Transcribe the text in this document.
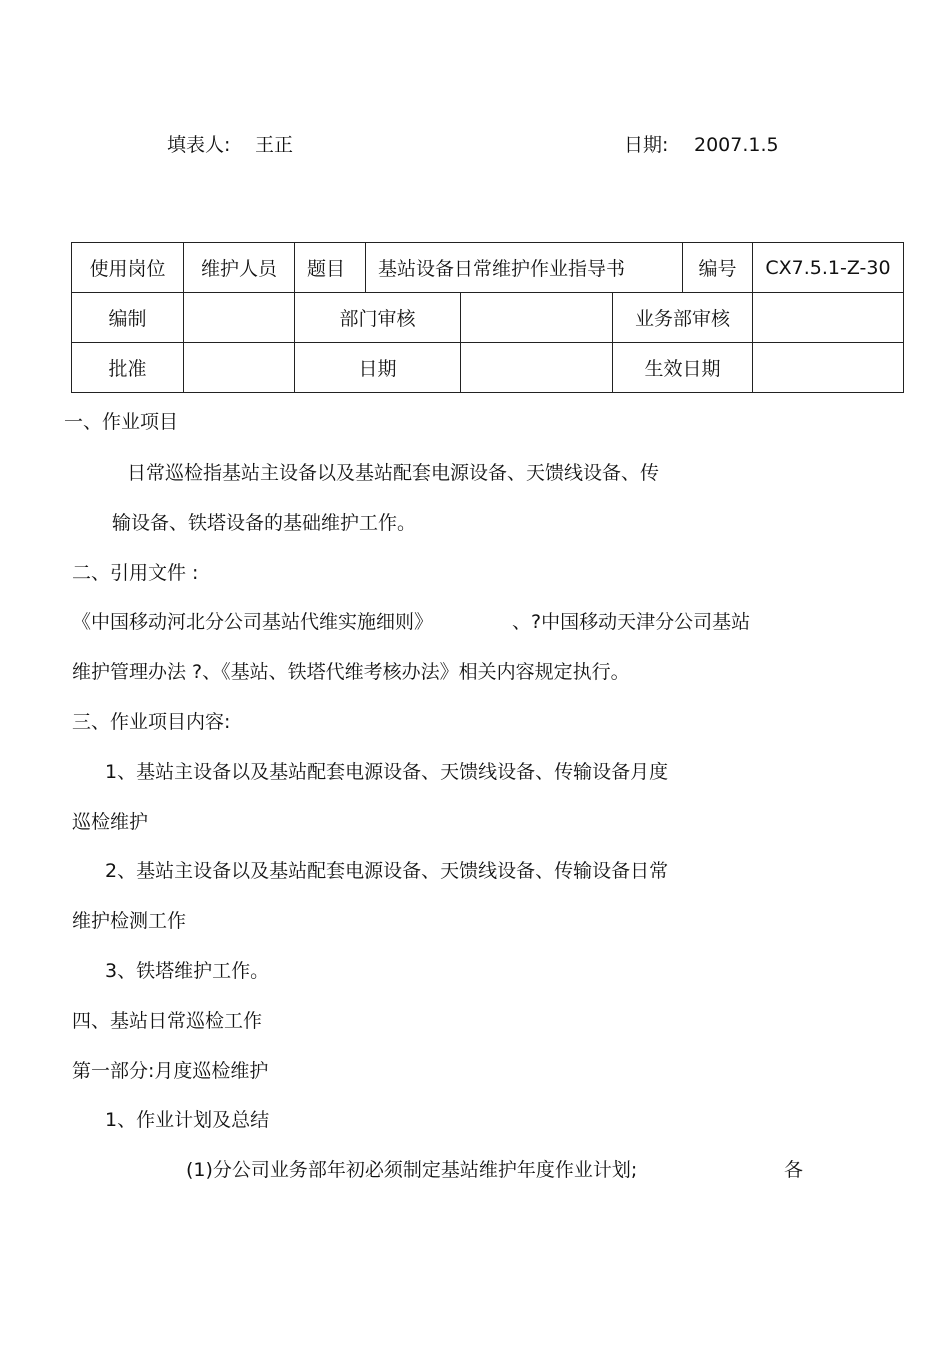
填表人: 王正	日期: 2007.1.5
使用岗位	维护人员	题目	基站设备日常维护作业指导书			编号	CX7.5.1-Z-30
编制		部门审核			业务部审核		
批准		日期			生效日期		
一、作业项目
日常巡检指基站主设备以及基站配套电源设备、天馈线设备、传
输设备、铁塔设备的基础维护工作。
二、引用文件 :
《中国移动河北分公司基站代维实施细则》	、?中国移动天津分公司基站
维护管理办法 ?、《基站、铁塔代维考核办法》相关内容规定执行。
三、作业项目内容:
1、基站主设备以及基站配套电源设备、天馈线设备、传输设备月度
巡检维护
2、基站主设备以及基站配套电源设备、天馈线设备、传输设备日常
维护检测工作
3、铁塔维护工作。
四、基站日常巡检工作
第一部分:月度巡检维护
1、作业计划及总结
(1)分公司业务部年初必须制定基站维护年度作业计划;	各
